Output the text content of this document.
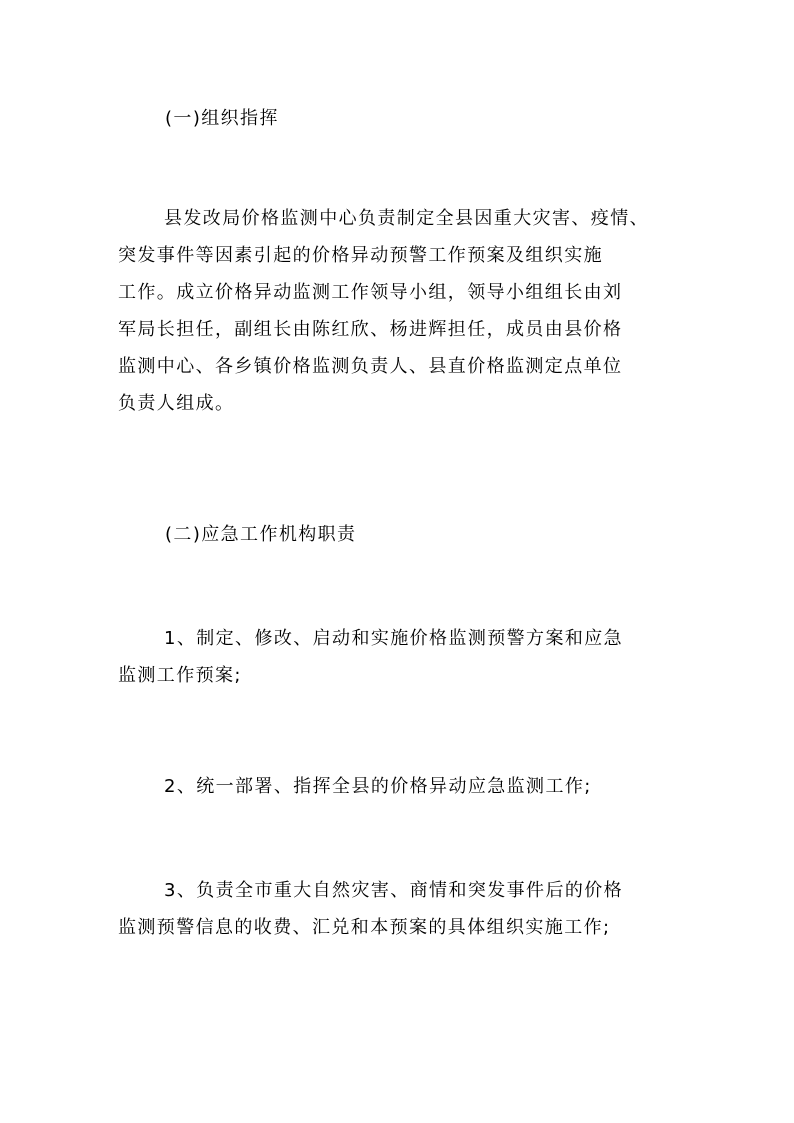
(一)组织指挥
县发改局价格监测中心负责制定全县因重大灾害、疫情、
突发事件等因素引起的价格异动预警工作预案及组织实施
工作。成立价格异动监测工作领导小组，领导小组组长由刘
军局长担任，副组长由陈红欣、杨进辉担任，成员由县价格
监测中心、各乡镇价格监测负责人、县直价格监测定点单位
负责人组成。
(二)应急工作机构职责
1、制定、修改、启动和实施价格监测预警方案和应急
监测工作预案;
2、统一部署、指挥全县的价格异动应急监测工作;
3、负责全市重大自然灾害、商情和突发事件后的价格
监测预警信息的收费、汇兑和本预案的具体组织实施工作;
